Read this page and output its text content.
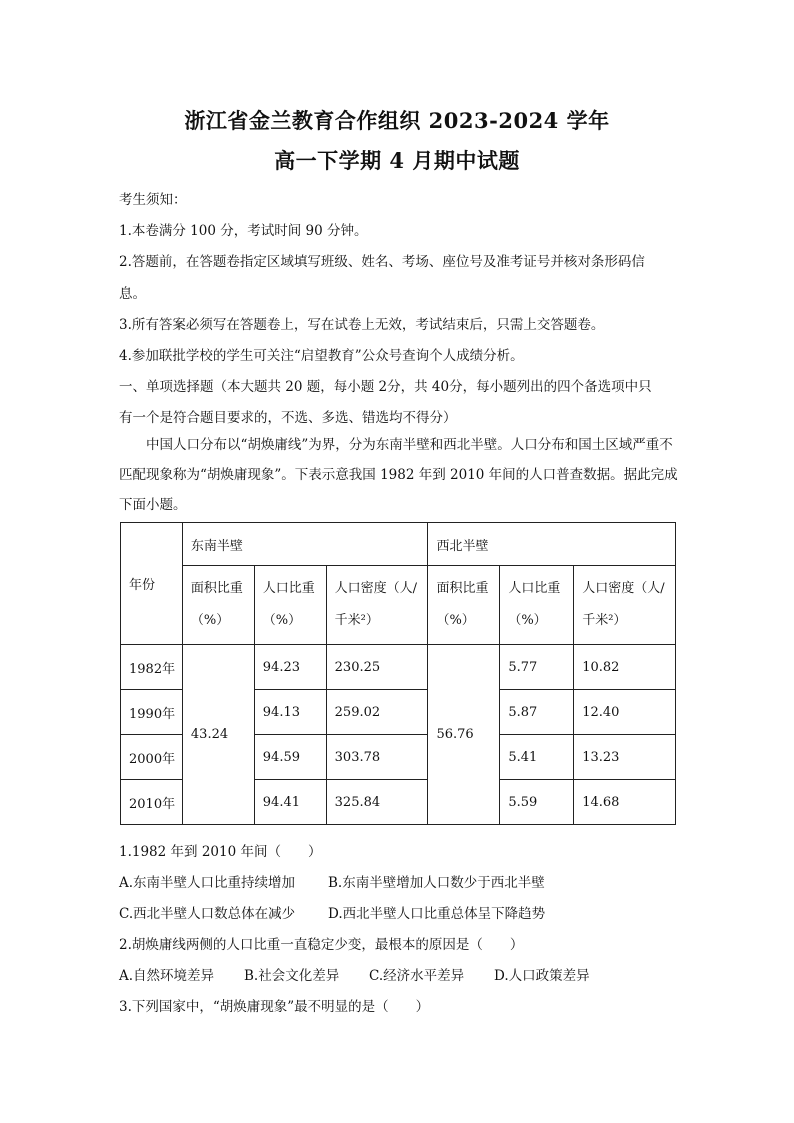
浙江省金兰教育合作组织 2023-2024 学年
高一下学期 4 月期中试题
考生须知：
1.本卷满分 100 分，考试时间 90 分钟。
2.答题前，在答题卷指定区域填写班级、姓名、考场、座位号及准考证号并核对条形码信
息。
3.所有答案必须写在答题卷上，写在试卷上无效，考试结束后，只需上交答题卷。
4.参加联批学校的学生可关注“启望教育”公众号查询个人成绩分析。
一、单项选择题（本大题共 20 题，每小题 2分，共 40分，每小题列出的四个备选项中只
有一个是符合题目要求的，不选、多选、错选均不得分）
中国人口分布以“胡焕庸线”为界，分为东南半壁和西北半壁。人口分布和国土区域严重不匹配现象称为“胡焕庸现象”。下表示意我国 1982 年到 2010 年间的人口普查数据。据此完成下面小题。
年份	东南半壁			西北半壁		
	面积比重（%）	人口比重（%）	人口密度（人/千米²）	面积比重（%）	人口比重（%）	人口密度（人/千米²）
1982年	43.24	94.23	230.25	56.76	5.77	10.82
1990年		94.13	259.02		5.87	12.40
2000年		94.59	303.78		5.41	13.23
2010年		94.41	325.84		5.59	14.68
1.1982 年到 2010 年间（　　）
A.东南半壁人口比重持续增加 B.东南半壁增加人口数少于西北半壁
C.西北半壁人口数总体在减少 D.西北半壁人口比重总体呈下降趋势
2.胡焕庸线两侧的人口比重一直稳定少变，最根本的原因是（　　）
A.自然环境差异 B.社会文化差异 C.经济水平差异 D.人口政策差异
3.下列国家中，“胡焕庸现象”最不明显的是（　　）
